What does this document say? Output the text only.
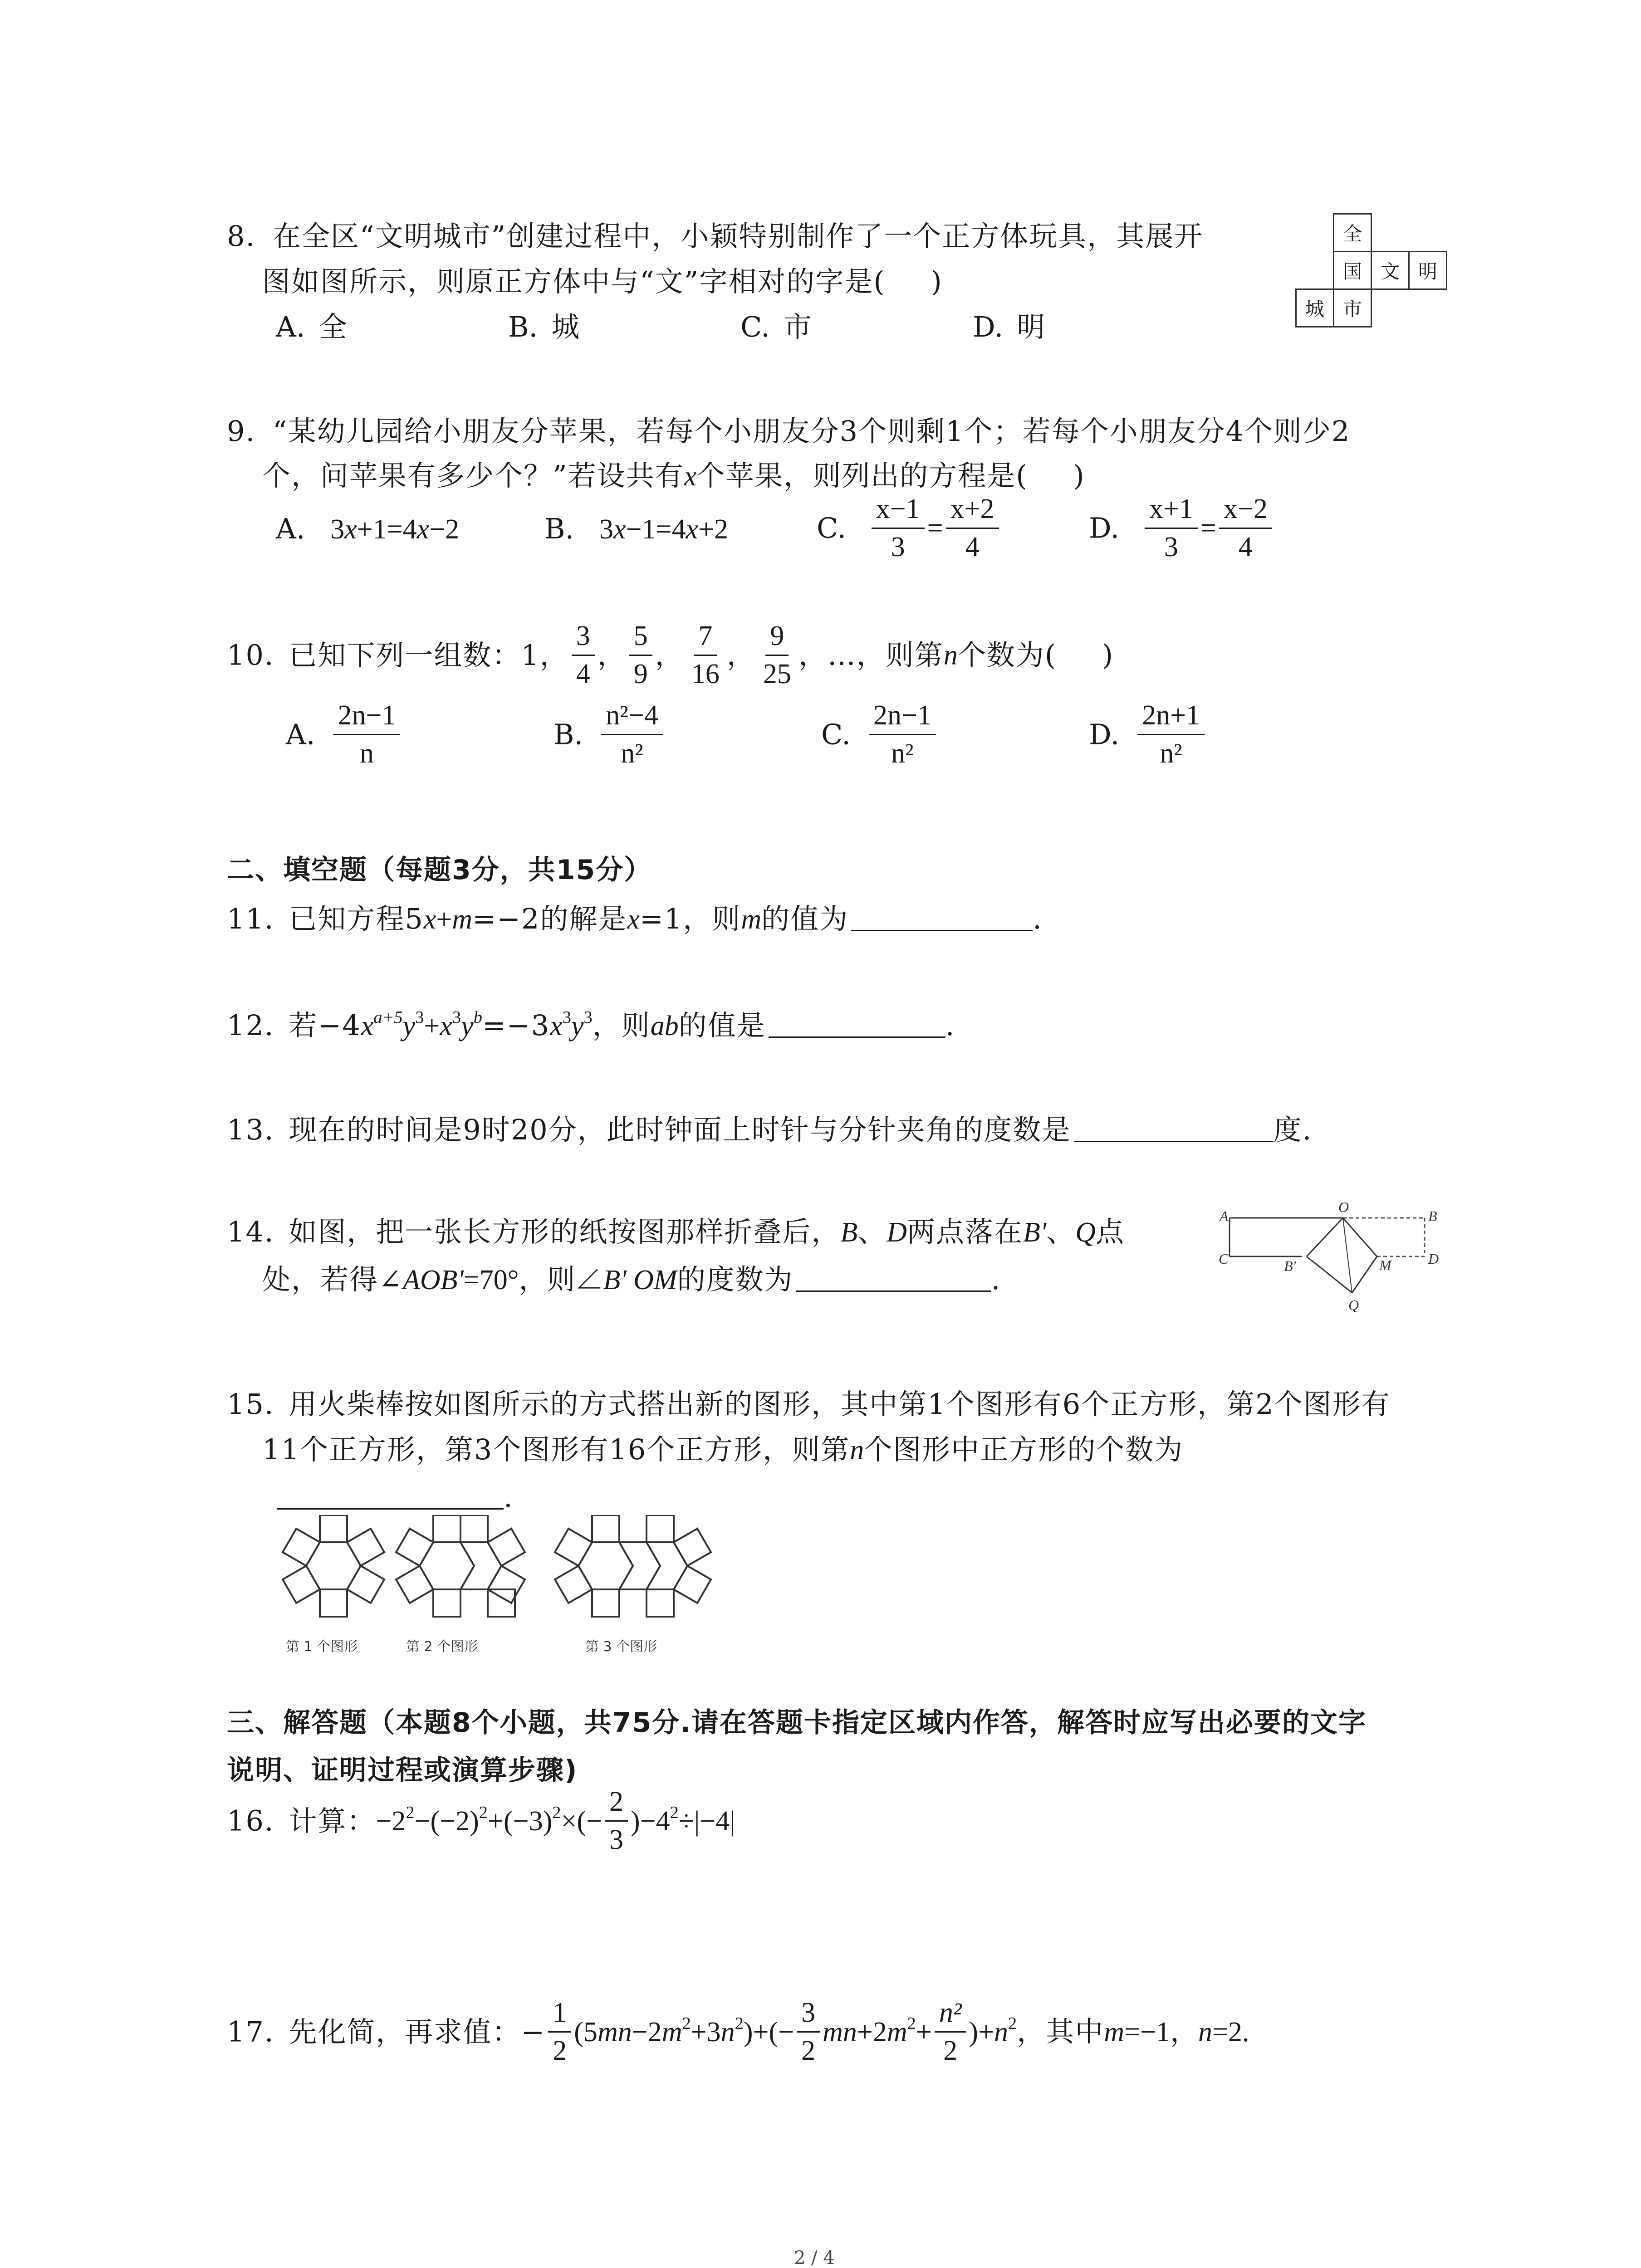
8. 在全区“文明城市”创建过程中，小颖特别制作了一个正方体玩具，其展开
图如图所示，则原正方体中与“文”字相对的字是( )
A. 全	B. 城	C. 市	D. 明
全
国 文 明
城 市
9. “某幼儿园给小朋友分苹果，若每个小朋友分3个则剩1个；若每个小朋友分4个则少2
个，问苹果有多少个？”若设共有x个苹果，则列出的方程是( )
A. 3x+1=4x−2	B. 3x−1=4x+2	C. $\frac{x-1}{3} = \frac{x+2}{4}$	D. $\frac{x+1}{3} = \frac{x-2}{4}$
10. 已知下列一组数：1， $\frac{3}{4}$ ， $\frac{5}{9}$ ， $\frac{7}{16}$ ， $\frac{9}{25}$ ，…，则第n个数为( )
A. $\frac{2n-1}{n}$	B. $\frac{\text{n²−4}}{\text{n²}}$	C. $\frac{2n-1}{\text{n²}}$	D. $\frac{2n+1}{\text{n²}}$
二、填空题（每题3分，共15分）
11. 已知方程5x+m=−2的解是x=1，则m的值为	.
12. 若$-4x^{a+5}y^3+x^3y^b=-3x^3y^3$，则ab的值是	.
13. 现在的时间是9时20分，此时钟面上时针与分针夹角的度数是	度.
14. 如图，把一张长方形的纸按图那样折叠后，B、D两点落在B'、Q点
处，若得∠AOB'=70°，则∠B' OM的度数为	.
A
O
B
C	B'	M	D
Q
15. 用火柴棒按如图所示的方式搭出新的图形，其中第1个图形有6个正方形，第2个图形有
11个正方形，第3个图形有16个正方形，则第n个图形中正方形的个数为
.
第 1 个图形	第 2 个图形	第 3 个图形
三、解答题（本题8个小题，共75分.请在答题卡指定区域内作答，解答时应写出必要的文字
说明、证明过程或演算步骤)
16. 计算：$-2^2-(-2)^2+(-3)^2\times(- \frac{2}{3} )-4^2\div|-4|$
17. 先化简，再求值：− $\frac{1}{2} (5mn-2m^2+3n^2)+(- \frac{3}{2} mn+2m^2+ \frac{\text{n²}}{2} )+n^2$，其中m=−1，n=2.
2 / 4
